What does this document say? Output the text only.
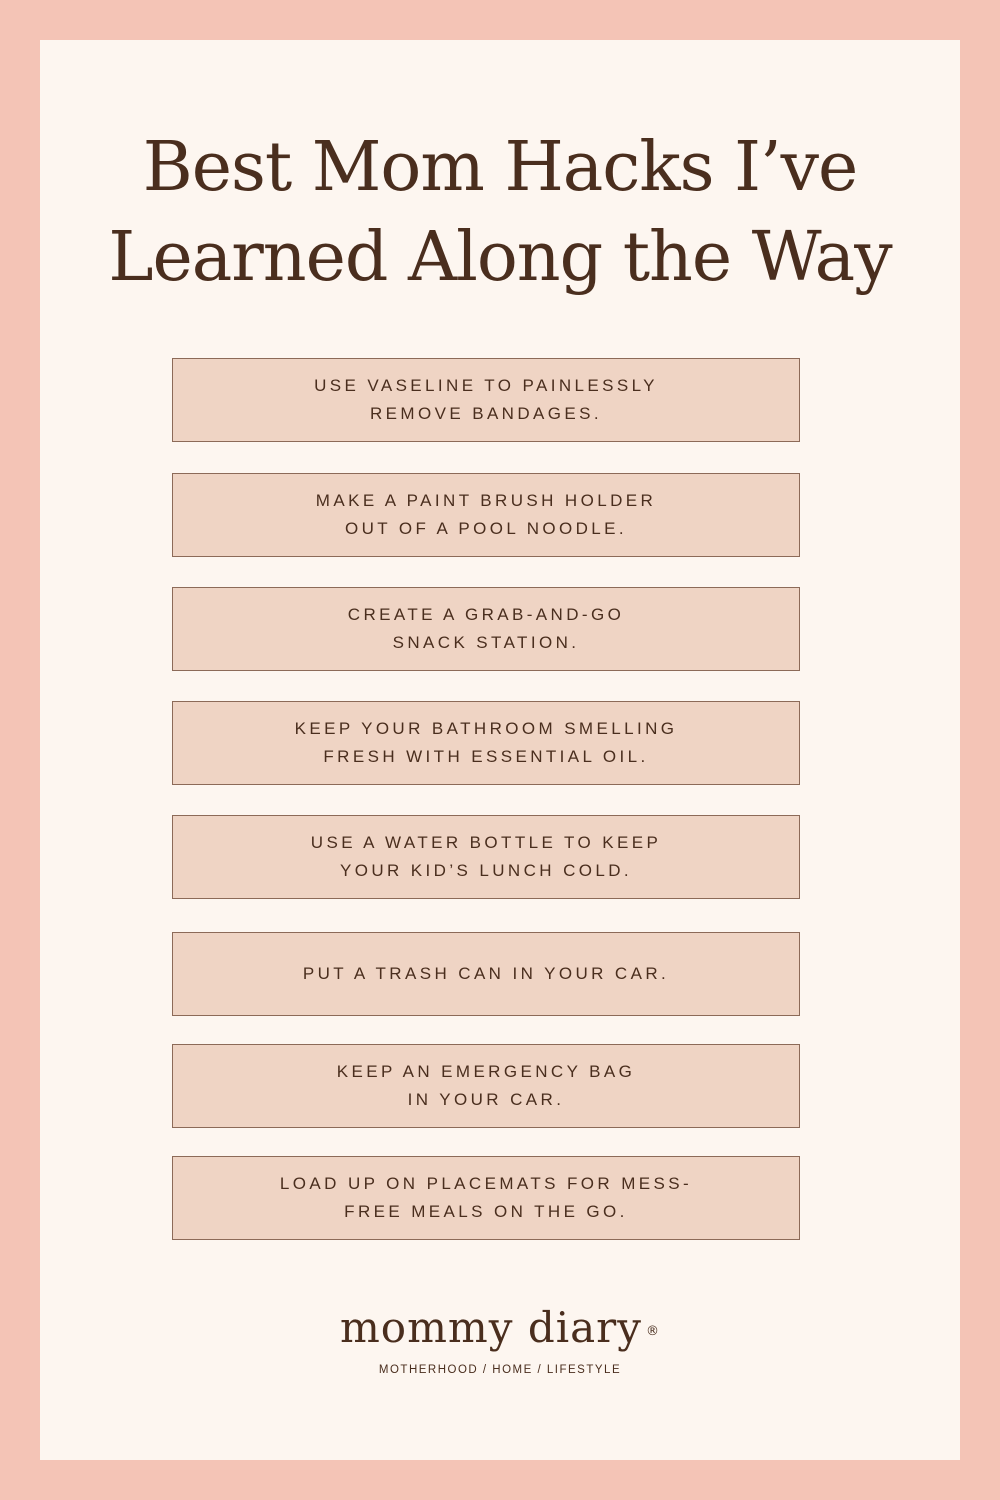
Best Mom Hacks I’ve
Learned Along the Way
USE VASELINE TO PAINLESSLY
REMOVE BANDAGES.
MAKE A PAINT BRUSH HOLDER
OUT OF A POOL NOODLE.
CREATE A GRAB-AND-GO
SNACK STATION.
KEEP YOUR BATHROOM SMELLING
FRESH WITH ESSENTIAL OIL.
USE A WATER BOTTLE TO KEEP
YOUR KID’S LUNCH COLD.
PUT A TRASH CAN IN YOUR CAR.
KEEP AN EMERGENCY BAG
IN YOUR CAR.
LOAD UP ON PLACEMATS FOR MESS-
FREE MEALS ON THE GO.
mommy diary ®
MOTHERHOOD / HOME / LIFESTYLE
